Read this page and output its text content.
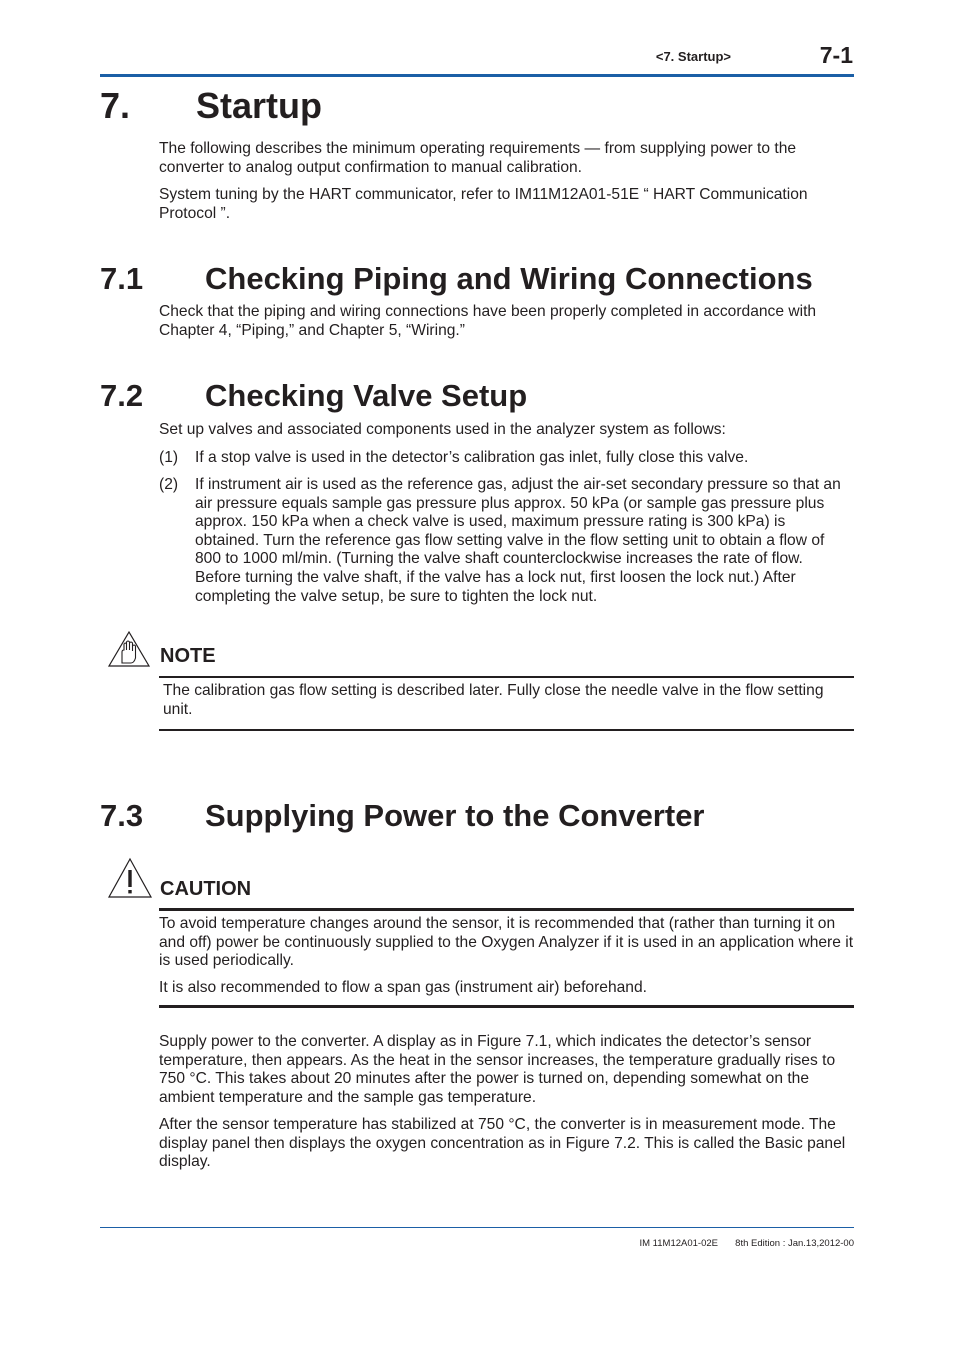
<7. Startup>	7-1
7. Startup
The following describes the minimum operating requirements — from supplying power to the converter to analog output confirmation to manual calibration.
System tuning by the HART communicator, refer to IM11M12A01-51E “ HART Communication Protocol ”.
7.1 Checking Piping and Wiring Connections
Check that the piping and wiring connections have been properly completed in accordance with Chapter 4, “Piping,” and Chapter 5, “Wiring.”
7.2 Checking Valve Setup
Set up valves and associated components used in the analyzer system as follows:
(1) If a stop valve is used in the detector’s calibration gas inlet, fully close this valve.
(2) If instrument air is used as the reference gas, adjust the air-set secondary pressure so that an air pressure equals sample gas pressure plus approx. 50 kPa (or sample gas pressure plus approx. 150 kPa when a check valve is used, maximum pressure rating is 300 kPa) is obtained. Turn the reference gas flow setting valve in the flow setting unit to obtain a flow of 800 to 1000 ml/min. (Turning the valve shaft counterclockwise increases the rate of flow. Before turning the valve shaft, if the valve has a lock nut, first loosen the lock nut.) After completing the valve setup, be sure to tighten the lock nut.
NOTE
The calibration gas flow setting is described later. Fully close the needle valve in the flow setting unit.
7.3 Supplying Power to the Converter
CAUTION
To avoid temperature changes around the sensor, it is recommended that (rather than turning it on and off) power be continuously supplied to the Oxygen Analyzer if it is used in an application where it is used periodically.
It is also recommended to flow a span gas (instrument air) beforehand.
Supply power to the converter. A display as in Figure 7.1, which indicates the detector’s sensor temperature, then appears. As the heat in the sensor increases, the temperature gradually rises to 750 °C. This takes about 20 minutes after the power is turned on, depending somewhat on the ambient temperature and the sample gas temperature.
After the sensor temperature has stabilized at 750 °C, the converter is in measurement mode. The display panel then displays the oxygen concentration as in Figure 7.2. This is called the Basic panel display.
IM 11M12A01-02E	8th Edition : Jan.13,2012-00
